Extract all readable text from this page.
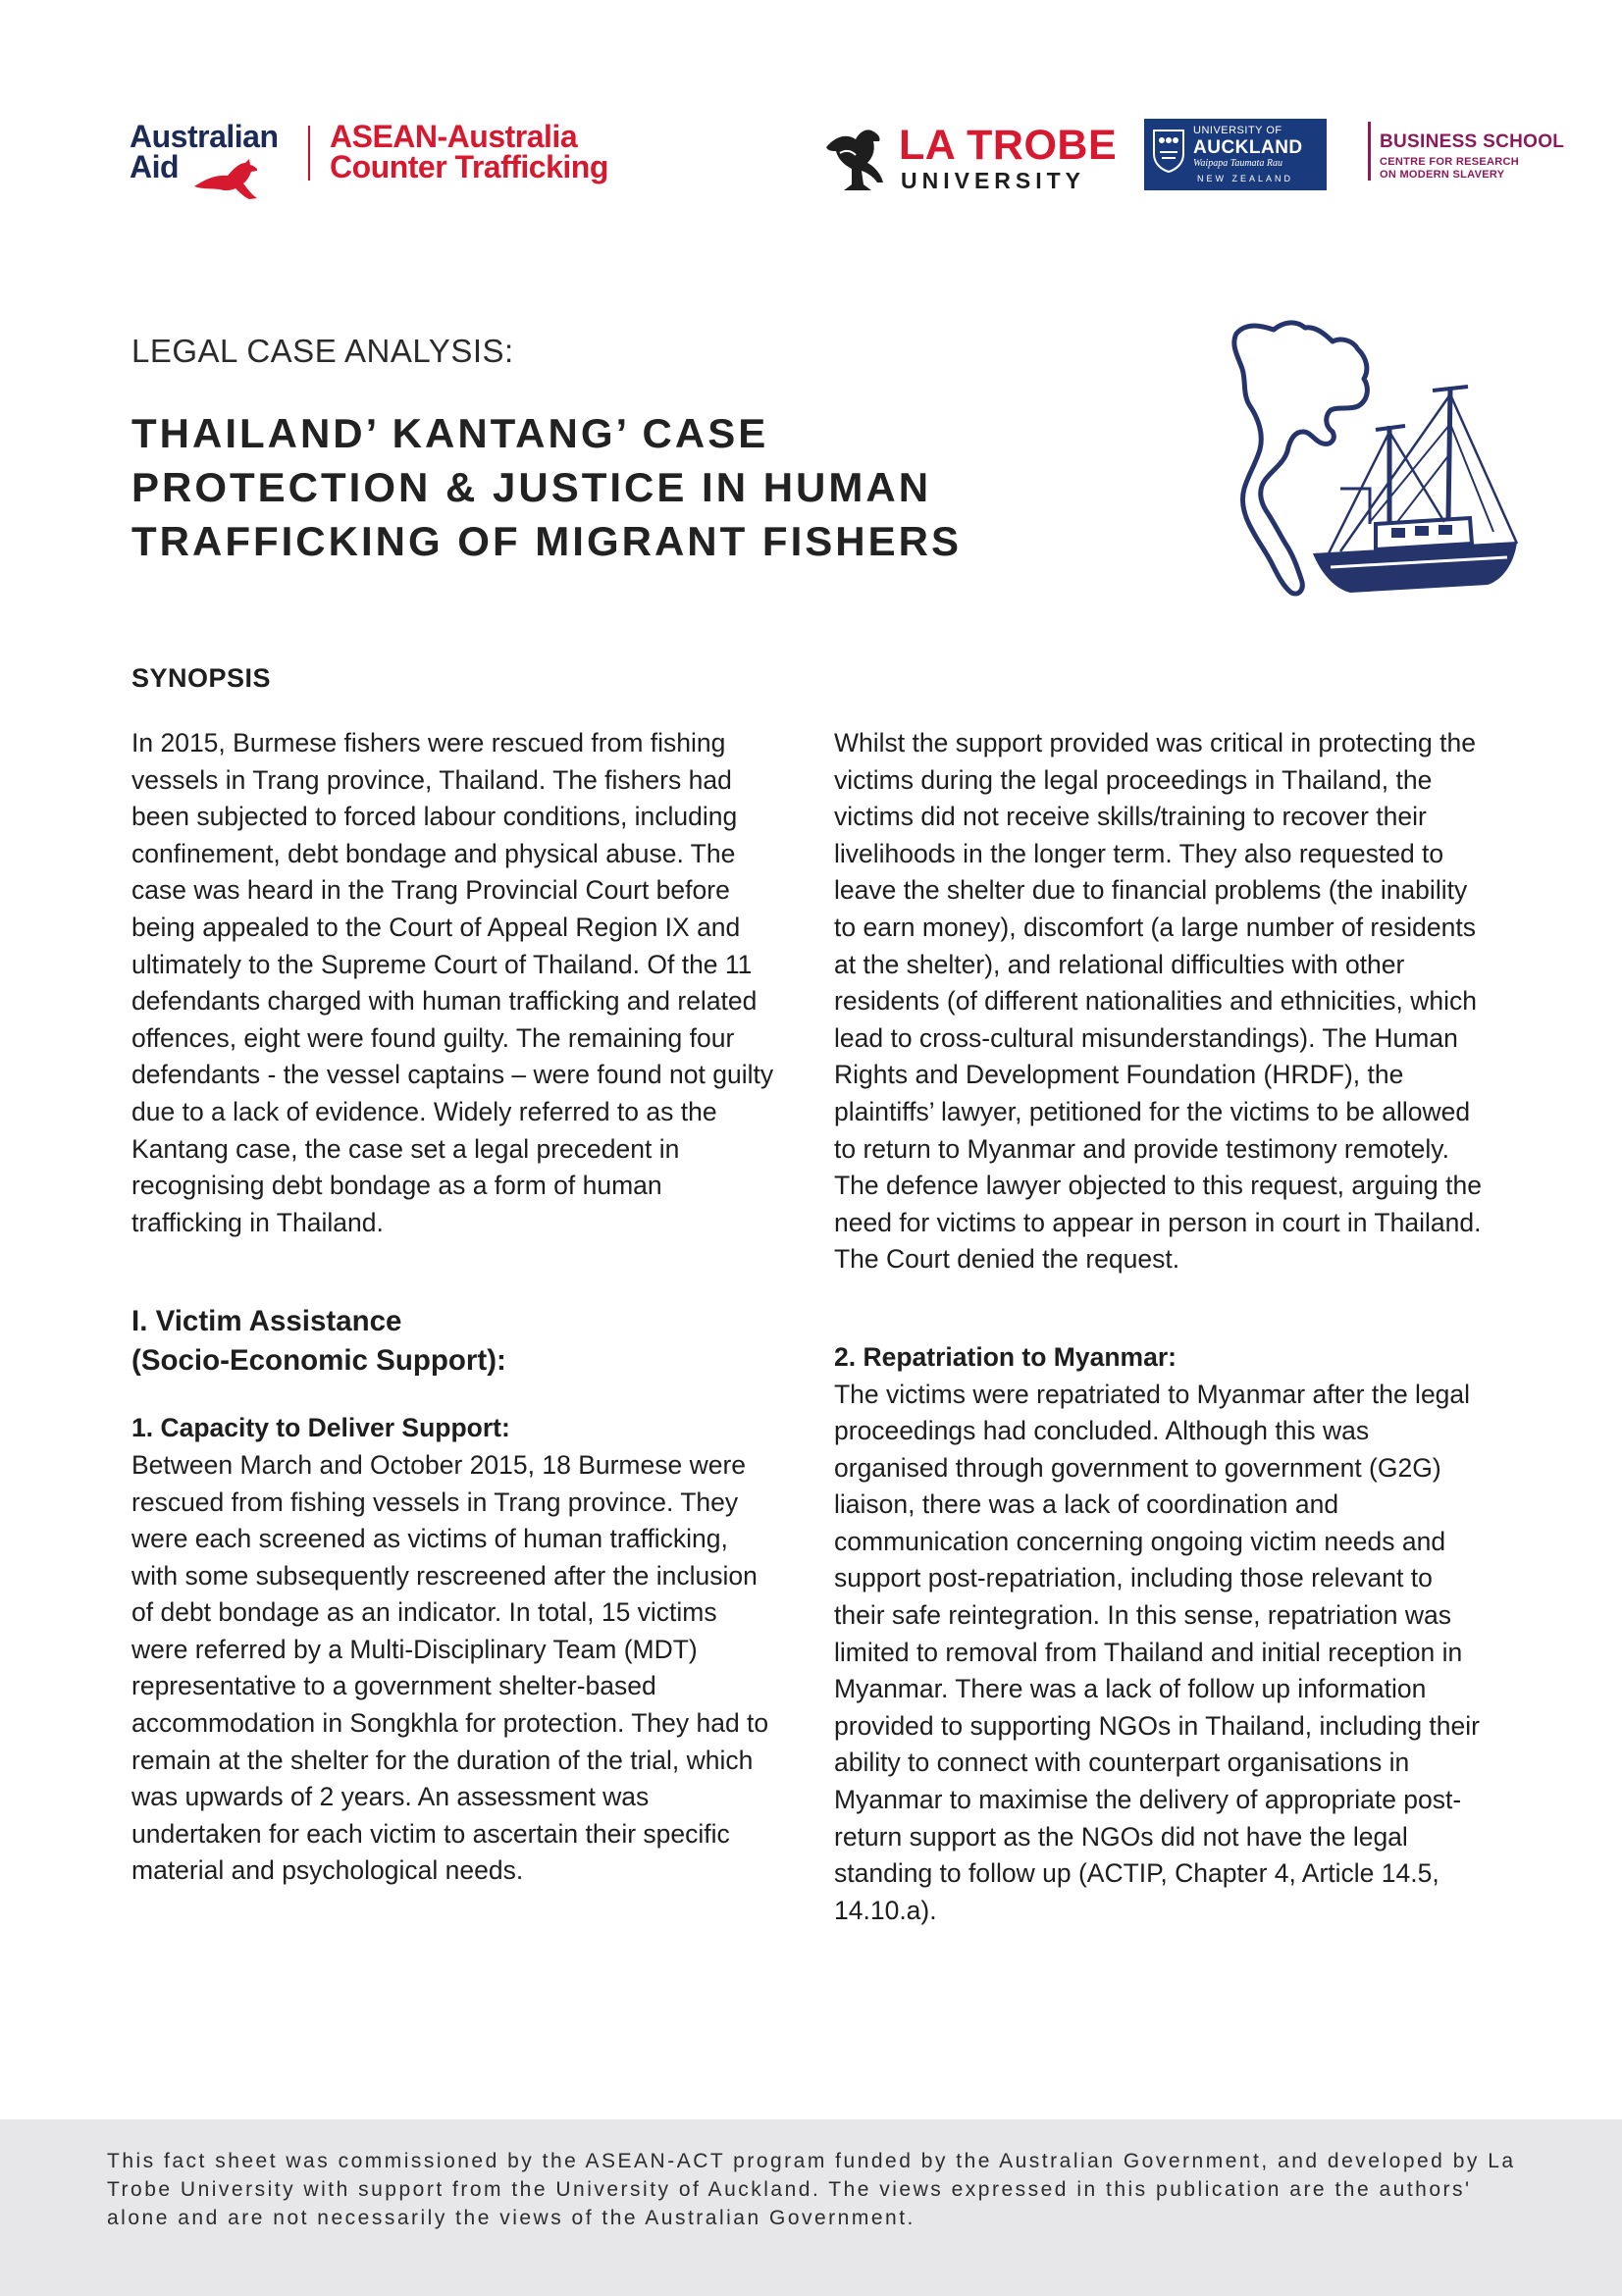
Australian
Aid
ASEAN-Australia
Counter Trafficking	LA TROBE
UNIVERSITY
UNIVERSITY OF
AUCKLAND
Waipapa Taumata Rau
NEW ZEALAND
BUSINESS SCHOOL
CENTRE FOR RESEARCH
ON MODERN SLAVERY
LEGAL CASE ANALYSIS:
THAILAND’ KANTANG’ CASE
PROTECTION & JUSTICE IN HUMAN
TRAFFICKING OF MIGRANT FISHERS
SYNOPSIS

In 2015, Burmese fishers were rescued from fishing vessels in Trang province, Thailand. The fishers had been subjected to forced labour conditions, including confinement, debt bondage and physical abuse. The case was heard in the Trang Provincial Court before being appealed to the Court of Appeal Region IX and ultimately to the Supreme Court of Thailand. Of the 11 defendants charged with human trafficking and related offences, eight were found guilty. The remaining four defendants - the vessel captains – were found not guilty due to a lack of evidence. Widely referred to as the Kantang case, the case set a legal precedent in recognising debt bondage as a form of human trafficking in Thailand.

I. Victim Assistance
(Socio-Economic Support):

1. Capacity to Deliver Support:

Between March and October 2015, 18 Burmese were rescued from fishing vessels in Trang province. They were each screened as victims of human trafficking, with some subsequently rescreened after the inclusion of debt bondage as an indicator. In total, 15 victims were referred by a Multi-Disciplinary Team (MDT) representative to a government shelter-based accommodation in Songkhla for protection. They had to remain at the shelter for the duration of the trial, which was upwards of 2 years. An assessment was undertaken for each victim to ascertain their specific material and psychological needs.

Whilst the support provided was critical in protecting the victims during the legal proceedings in Thailand, the victims did not receive skills/training to recover their livelihoods in the longer term. They also requested to leave the shelter due to financial problems (the inability to earn money), discomfort (a large number of residents at the shelter), and relational difficulties with other residents (of different nationalities and ethnicities, which lead to cross-cultural misunderstandings). The Human Rights and Development Foundation (HRDF), the plaintiffs’ lawyer, petitioned for the victims to be allowed to return to Myanmar and provide testimony remotely. The defence lawyer objected to this request, arguing the need for victims to appear in person in court in Thailand. The Court denied the request.

2. Repatriation to Myanmar:

The victims were repatriated to Myanmar after the legal proceedings had concluded. Although this was organised through government to government (G2G) liaison, there was a lack of coordination and communication concerning ongoing victim needs and support post-repatriation, including those relevant to their safe reintegration. In this sense, repatriation was limited to removal from Thailand and initial reception in Myanmar. There was a lack of follow up information provided to supporting NGOs in Thailand, including their ability to connect with counterpart organisations in Myanmar to maximise the delivery of appropriate post-return support as the NGOs did not have the legal standing to follow up (ACTIP, Chapter 4, Article 14.5, 14.10.a).

This fact sheet was commissioned by the ASEAN-ACT program funded by the Australian Government, and developed by La Trobe University with support from the University of Auckland. The views expressed in this publication are the authors' alone and are not necessarily the views of the Australian Government.
